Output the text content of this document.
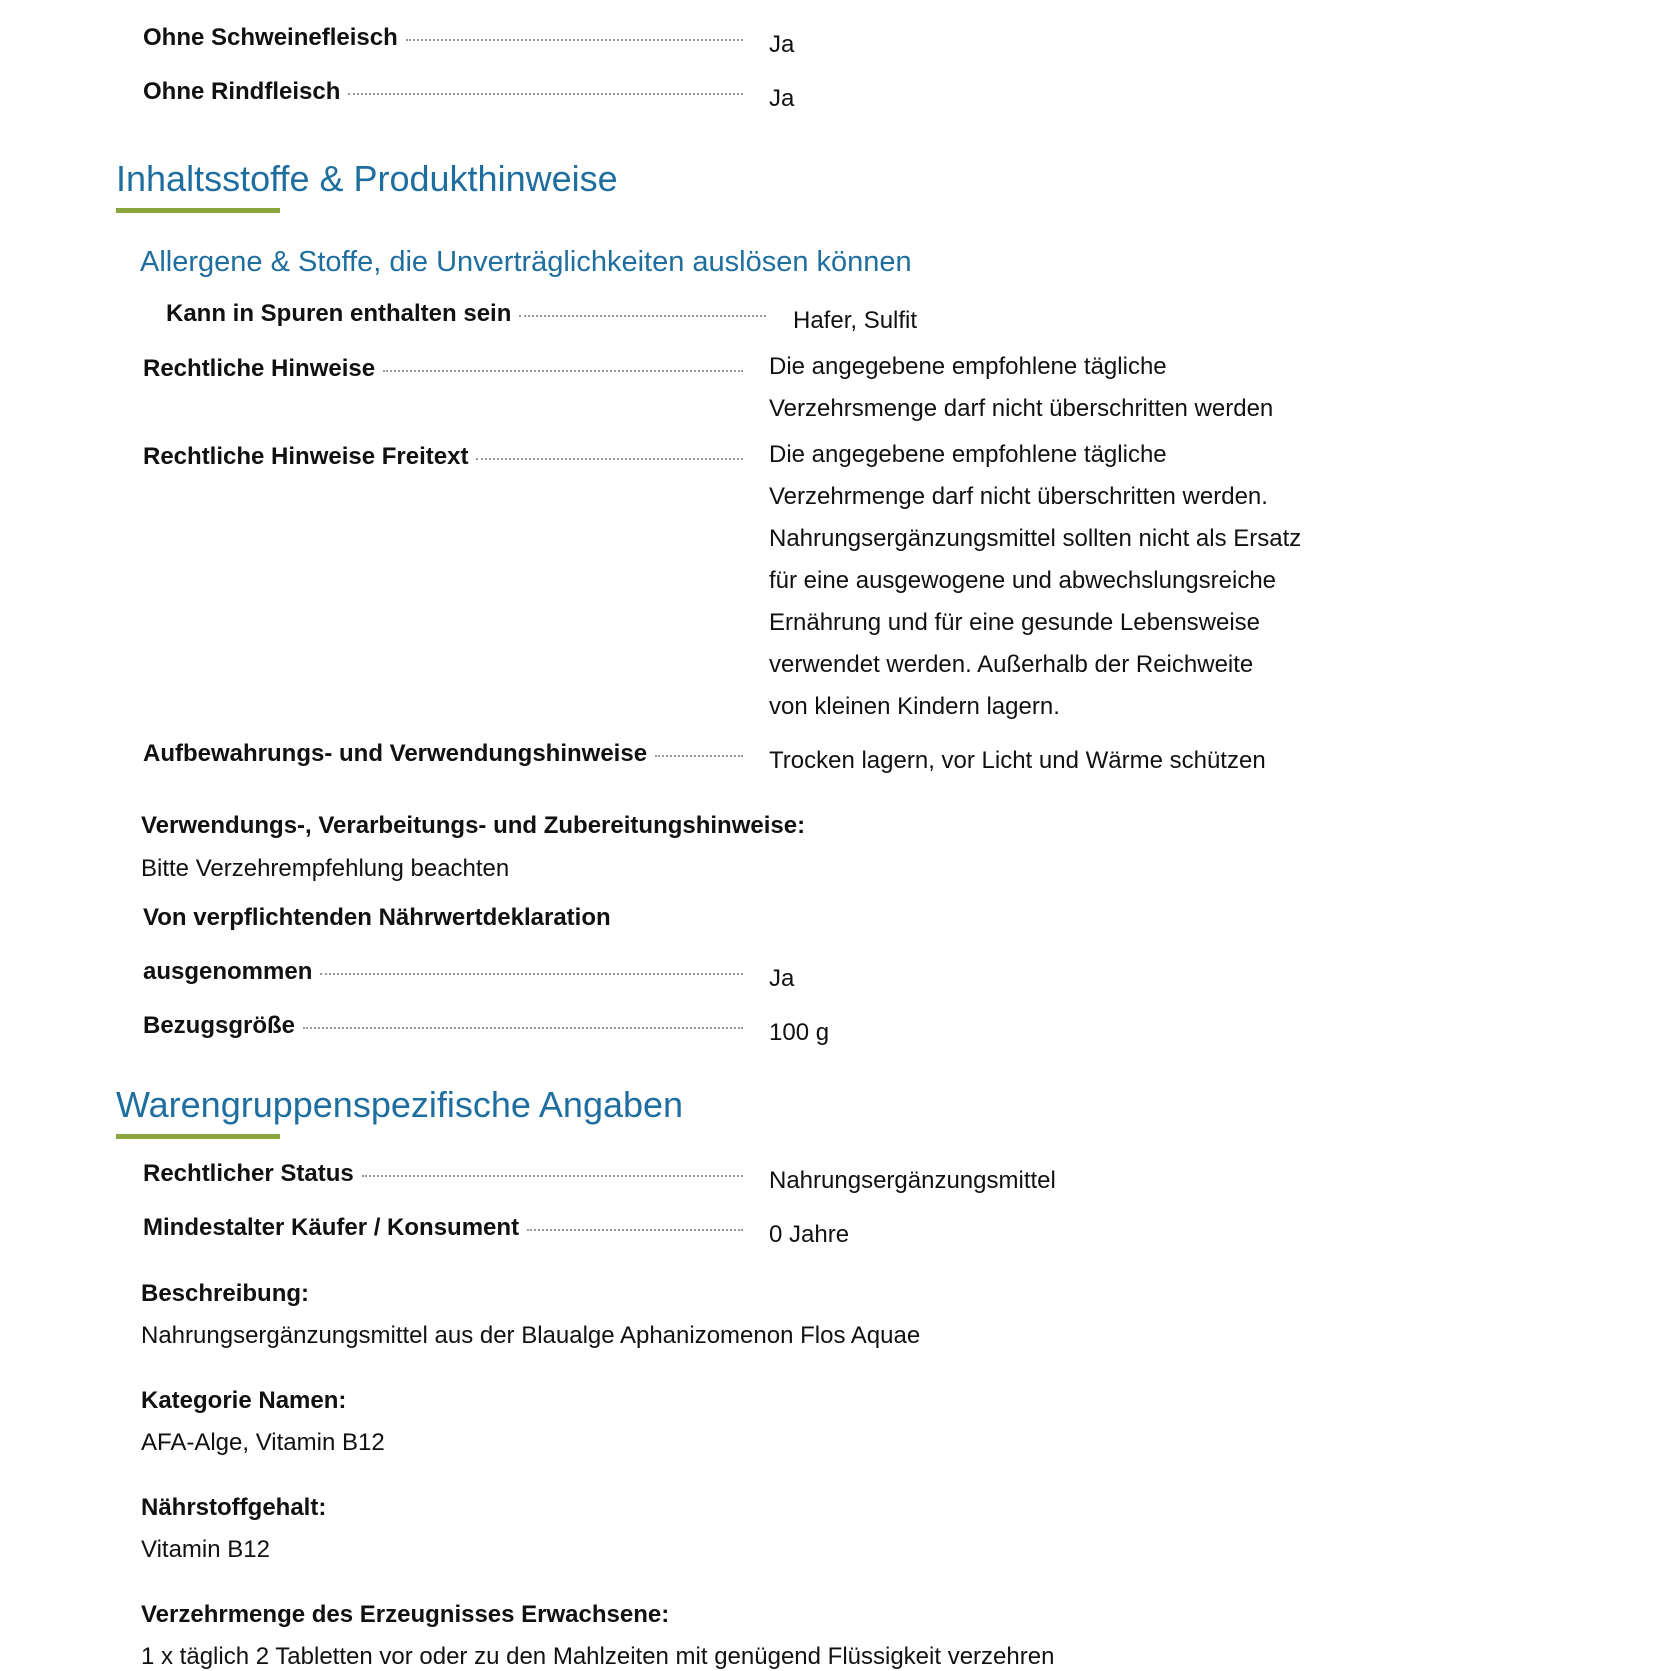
Ohne Schweinefleisch	Ja
Ohne Rindfleisch	Ja
Inhaltsstoffe & Produkthinweise
Allergene & Stoffe, die Unverträglichkeiten auslösen können
Kann in Spuren enthalten sein	Hafer, Sulfit
Rechtliche Hinweise	Die angegebene empfohlene tägliche
Verzehrsmenge darf nicht überschritten werden
Rechtliche Hinweise Freitext	Die angegebene empfohlene tägliche
Verzehrmenge darf nicht überschritten werden.
Nahrungsergänzungsmittel sollten nicht als Ersatz
für eine ausgewogene und abwechslungsreiche
Ernährung und für eine gesunde Lebensweise
verwendet werden. Außerhalb der Reichweite
von kleinen Kindern lagern.
Aufbewahrungs- und Verwendungshinweise	Trocken lagern, vor Licht und Wärme schützen
Verwendungs-, Verarbeitungs- und Zubereitungshinweise:
Bitte Verzehrempfehlung beachten
Von verpflichtenden Nährwertdeklaration
ausgenommen	Ja
Bezugsgröße	100 g
Warengruppenspezifische Angaben
Rechtlicher Status	Nahrungsergänzungsmittel
Mindestalter Käufer / Konsument	0 Jahre
Beschreibung:
Nahrungsergänzungsmittel aus der Blaualge Aphanizomenon Flos Aquae
Kategorie Namen:
AFA-Alge, Vitamin B12
Nährstoffgehalt:
Vitamin B12
Verzehrmenge des Erzeugnisses Erwachsene:
1 x täglich 2 Tabletten vor oder zu den Mahlzeiten mit genügend Flüssigkeit verzehren
